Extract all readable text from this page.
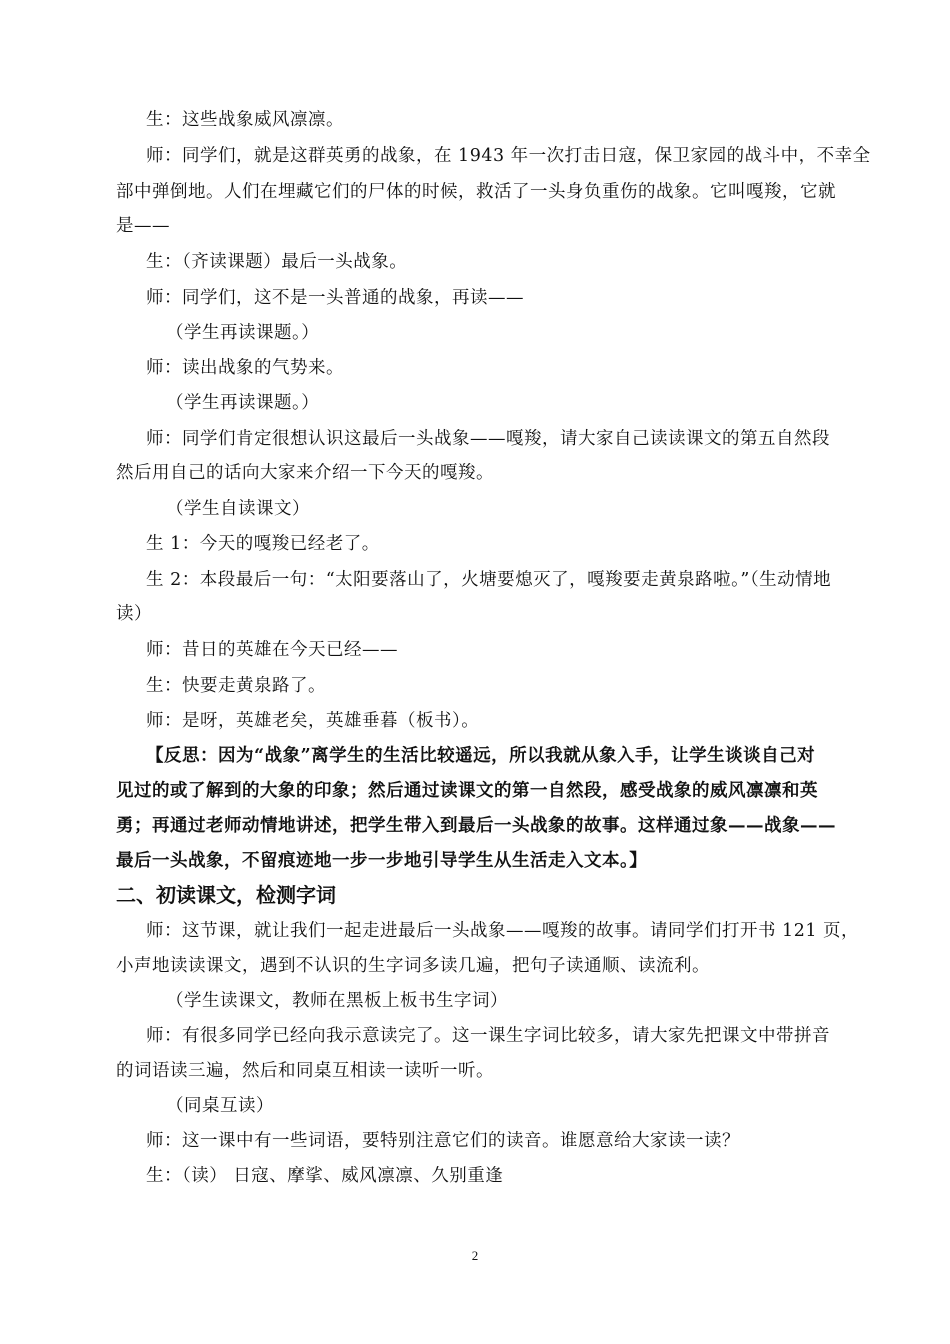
生：这些战象威风凛凛。
师：同学们，就是这群英勇的战象，在 1943 年一次打击日寇，保卫家园的战斗中，不幸全
部中弹倒地。人们在埋藏它们的尸体的时候，救活了一头身负重伤的战象。它叫嘎羧，它就
是——
生：（齐读课题）最后一头战象。
师：同学们，这不是一头普通的战象，再读——
（学生再读课题。）
师：读出战象的气势来。
（学生再读课题。）
师：同学们肯定很想认识这最后一头战象——嘎羧，请大家自己读读课文的第五自然段
然后用自己的话向大家来介绍一下今天的嘎羧。
（学生自读课文）
生 1：今天的嘎羧已经老了。
生 2：本段最后一句：“太阳要落山了，火塘要熄灭了，嘎羧要走黄泉路啦。”（生动情地
读）
师：昔日的英雄在今天已经——
生：快要走黄泉路了。
师：是呀，英雄老矣，英雄垂暮（板书）。
【反思：因为“战象”离学生的生活比较遥远，所以我就从象入手，让学生谈谈自己对
见过的或了解到的大象的印象；然后通过读课文的第一自然段，感受战象的威风凛凛和英
勇；再通过老师动情地讲述，把学生带入到最后一头战象的故事。这样通过象——战象——
最后一头战象，不留痕迹地一步一步地引导学生从生活走入文本。】
二、初读课文，检测字词
师：这节课，就让我们一起走进最后一头战象——嘎羧的故事。请同学们打开书 121 页，
小声地读读课文，遇到不认识的生字词多读几遍，把句子读通顺、读流利。
（学生读课文，教师在黑板上板书生字词）
师：有很多同学已经向我示意读完了。这一课生字词比较多，请大家先把课文中带拼音
的词语读三遍，然后和同桌互相读一读听一听。
（同桌互读）
师：这一课中有一些词语，要特别注意它们的读音。谁愿意给大家读一读？
生：（读） 日寇、摩挲、威风凛凛、久别重逢
2
